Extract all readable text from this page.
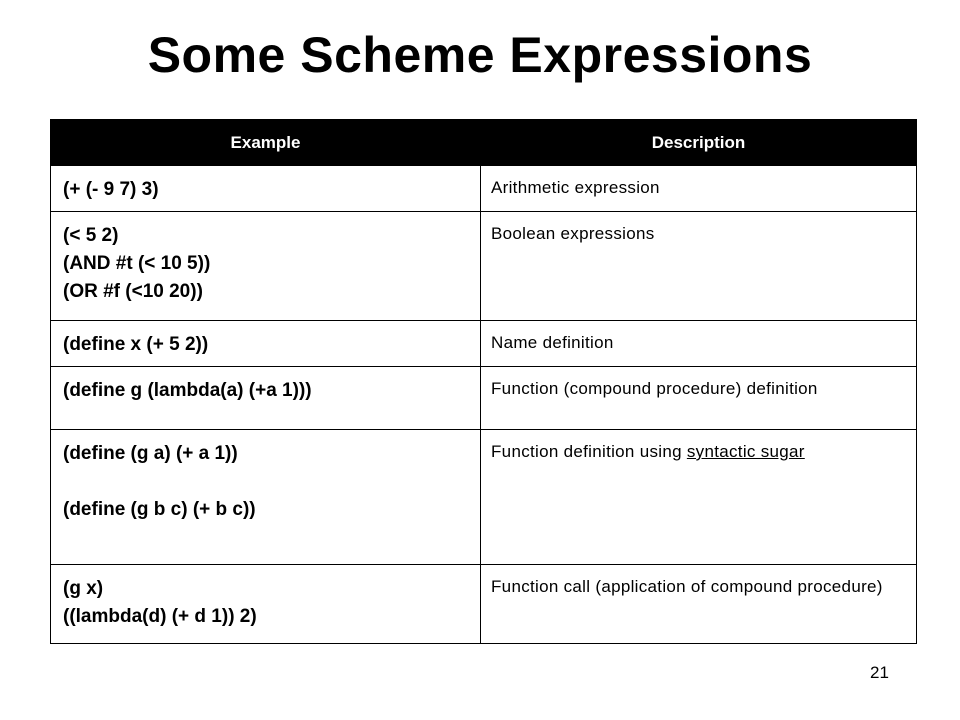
Some Scheme Expressions
Example	Description

(+ (- 9 7) 3)	Arithmetic expression

(< 5 2)
(AND #t (< 10 5))
(OR #f (<10 20))	Boolean expressions

(define x (+ 5 2))	Name definition

(define g (lambda(a) (+a 1)))	Function (compound procedure) definition

(define (g a) (+ a 1))
(define (g b c) (+ b c))	Function definition using syntactic sugar

(g x)
((lambda(d) (+ d 1)) 2)	Function call (application of compound procedure)
21
